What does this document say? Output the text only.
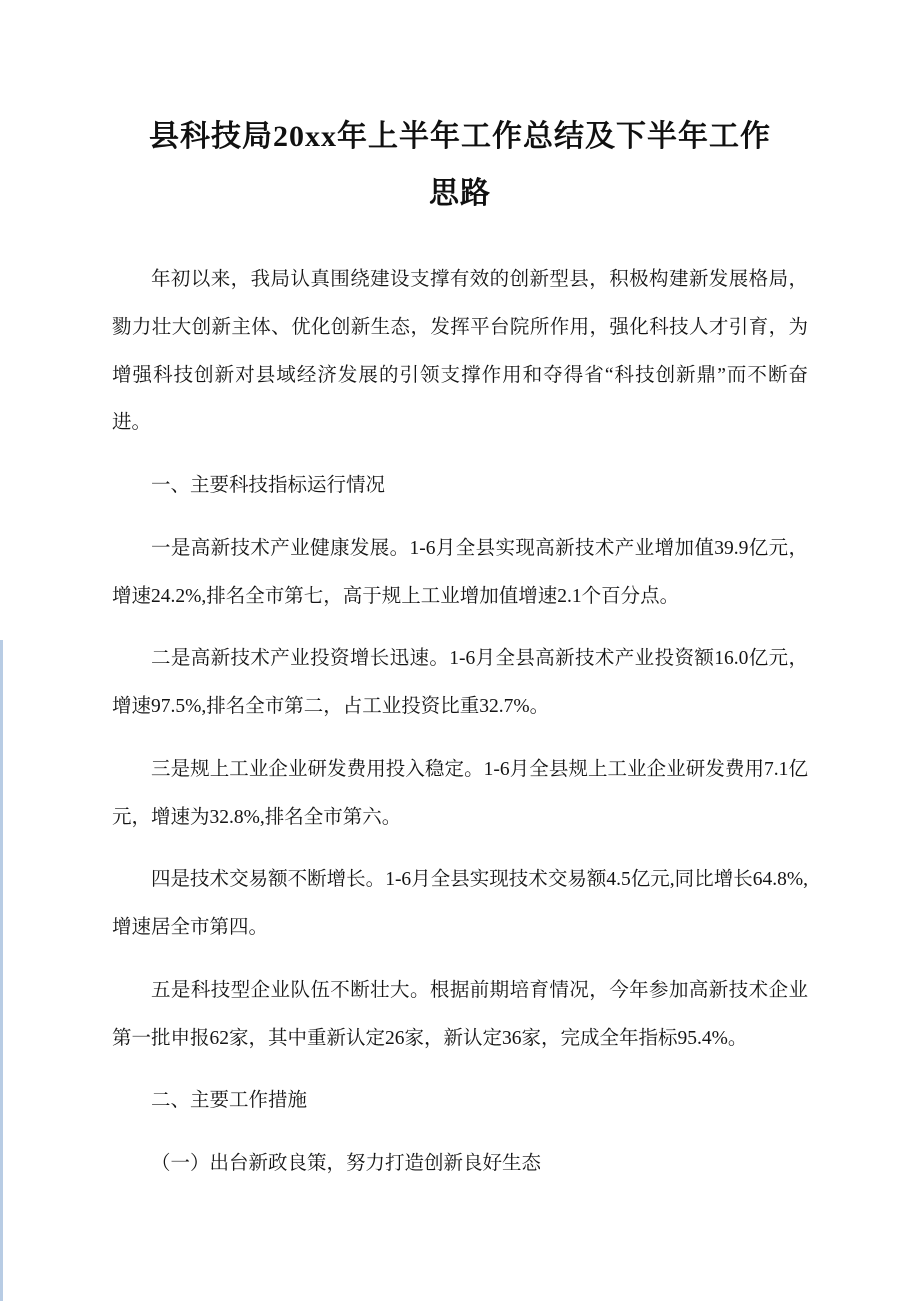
县科技局20xx年上半年工作总结及下半年工作
思路

年初以来，我局认真围绕建设支撑有效的创新型县，积极构建新发展格局，勠力壮大创新主体、优化创新生态，发挥平台院所作用，强化科技人才引育，为增强科技创新对县域经济发展的引领支撑作用和夺得省“科技创新鼎”而不断奋进。

一、主要科技指标运行情况

一是高新技术产业健康发展。1-6月全县实现高新技术产业增加值39.9亿元，增速24.2%,排名全市第七，高于规上工业增加值增速2.1个百分点。

二是高新技术产业投资增长迅速。1-6月全县高新技术产业投资额16.0亿元，增速97.5%,排名全市第二，占工业投资比重32.7%。

三是规上工业企业研发费用投入稳定。1-6月全县规上工业企业研发费用7.1亿元，增速为32.8%,排名全市第六。

四是技术交易额不断增长。1-6月全县实现技术交易额4.5亿元,同比增长64.8%,增速居全市第四。

五是科技型企业队伍不断壮大。根据前期培育情况，今年参加高新技术企业第一批申报62家，其中重新认定26家，新认定36家，完成全年指标95.4%。

二、主要工作措施

（一）出台新政良策，努力打造创新良好生态
